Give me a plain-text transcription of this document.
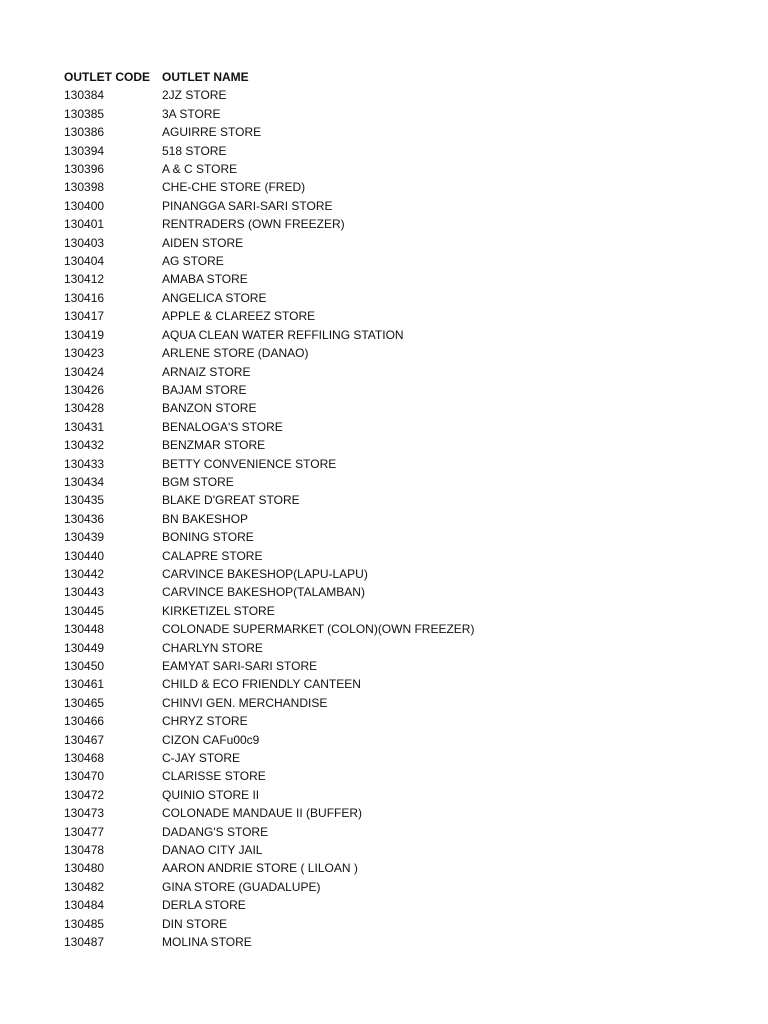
OUTLET CODE	OUTLET NAME
130384	2JZ STORE
130385	3A STORE
130386	AGUIRRE STORE
130394	518 STORE
130396	A & C STORE
130398	CHE-CHE STORE (FRED)
130400	PINANGGA SARI-SARI STORE
130401	RENTRADERS (OWN FREEZER)
130403	AIDEN STORE
130404	AG STORE
130412	AMABA STORE
130416	ANGELICA STORE
130417	APPLE & CLAREEZ STORE
130419	AQUA CLEAN WATER REFFILING STATION
130423	ARLENE STORE (DANAO)
130424	ARNAIZ STORE
130426	BAJAM STORE
130428	BANZON STORE
130431	BENALOGA'S STORE
130432	BENZMAR STORE
130433	BETTY CONVENIENCE STORE
130434	BGM STORE
130435	BLAKE D'GREAT STORE
130436	BN BAKESHOP
130439	BONING STORE
130440	CALAPRE STORE
130442	CARVINCE BAKESHOP(LAPU-LAPU)
130443	CARVINCE BAKESHOP(TALAMBAN)
130445	KIRKETIZEL STORE
130448	COLONADE SUPERMARKET (COLON)(OWN FREEZER)
130449	CHARLYN STORE
130450	EAMYAT SARI-SARI STORE
130461	CHILD & ECO FRIENDLY CANTEEN
130465	CHINVI GEN. MERCHANDISE
130466	CHRYZ STORE
130467	CIZON CAFu00c9
130468	C-JAY STORE
130470	CLARISSE STORE
130472	QUINIO STORE II
130473	COLONADE MANDAUE II (BUFFER)
130477	DADANG'S STORE
130478	DANAO CITY JAIL
130480	AARON ANDRIE STORE ( LILOAN )
130482	GINA STORE (GUADALUPE)
130484	DERLA STORE
130485	DIN STORE
130487	MOLINA STORE
